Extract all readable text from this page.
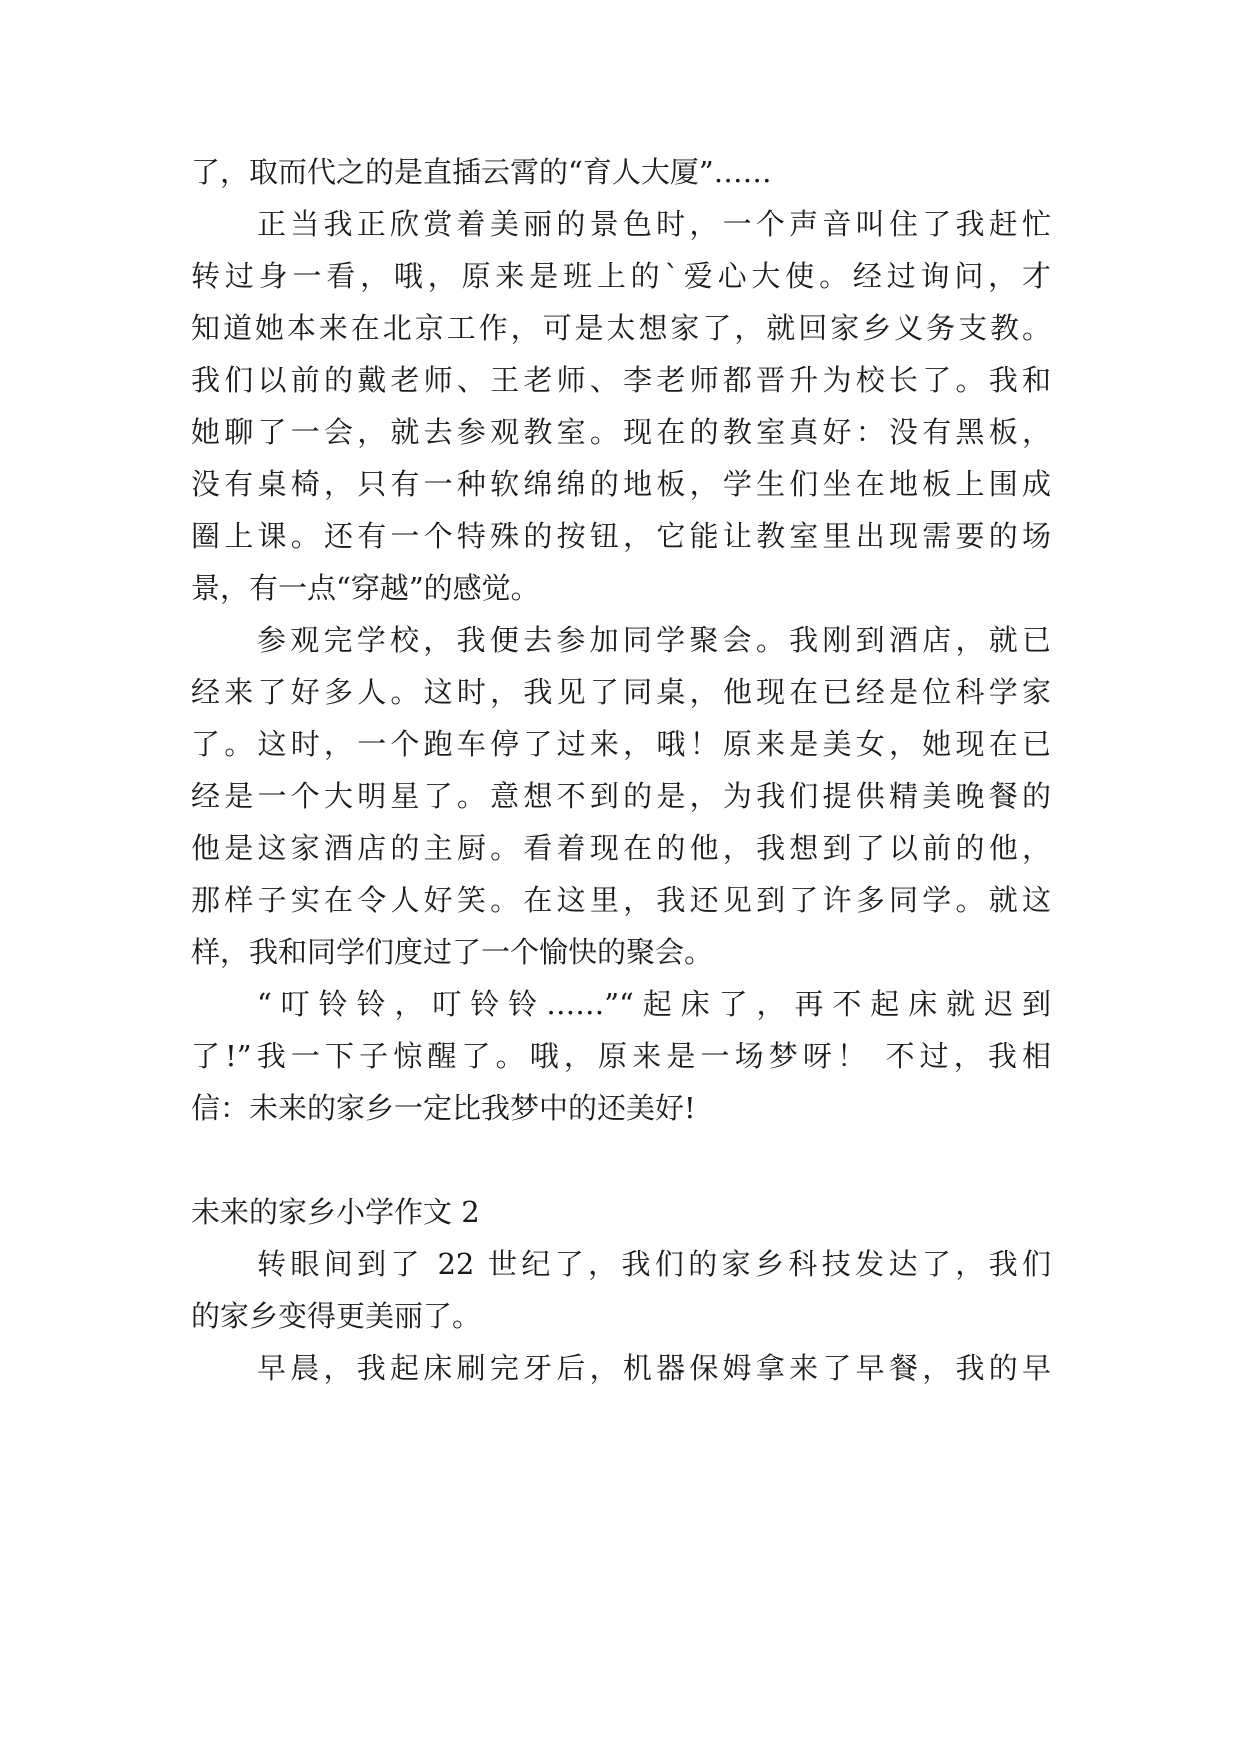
了，取而代之的是直插云霄的“育人大厦”……
正当我正欣赏着美丽的景色时，一个声音叫住了我赶忙
转过身一看，哦，原来是班上的`爱心大使。经过询问，才
知道她本来在北京工作，可是太想家了，就回家乡义务支教。
我们以前的戴老师、王老师、李老师都晋升为校长了。我和
她聊了一会，就去参观教室。现在的教室真好：没有黑板，
没有桌椅，只有一种软绵绵的地板，学生们坐在地板上围成
圈上课。还有一个特殊的按钮，它能让教室里出现需要的场
景，有一点“穿越”的感觉。
参观完学校，我便去参加同学聚会。我刚到酒店，就已
经来了好多人。这时，我见了同桌，他现在已经是位科学家
了。这时，一个跑车停了过来，哦！原来是美女，她现在已
经是一个大明星了。意想不到的是，为我们提供精美晚餐的
他是这家酒店的主厨。看着现在的他，我想到了以前的他，
那样子实在令人好笑。在这里，我还见到了许多同学。就这
样，我和同学们度过了一个愉快的聚会。
“叮铃铃，叮铃铃……”“起床了，再不起床就迟到
了!”我一下子惊醒了。哦，原来是一场梦呀！ 不过，我相
信：未来的家乡一定比我梦中的还美好!
未来的家乡小学作文 2
转眼间到了 22 世纪了，我们的家乡科技发达了，我们
的家乡变得更美丽了。
早晨，我起床刷完牙后，机器保姆拿来了早餐，我的早
